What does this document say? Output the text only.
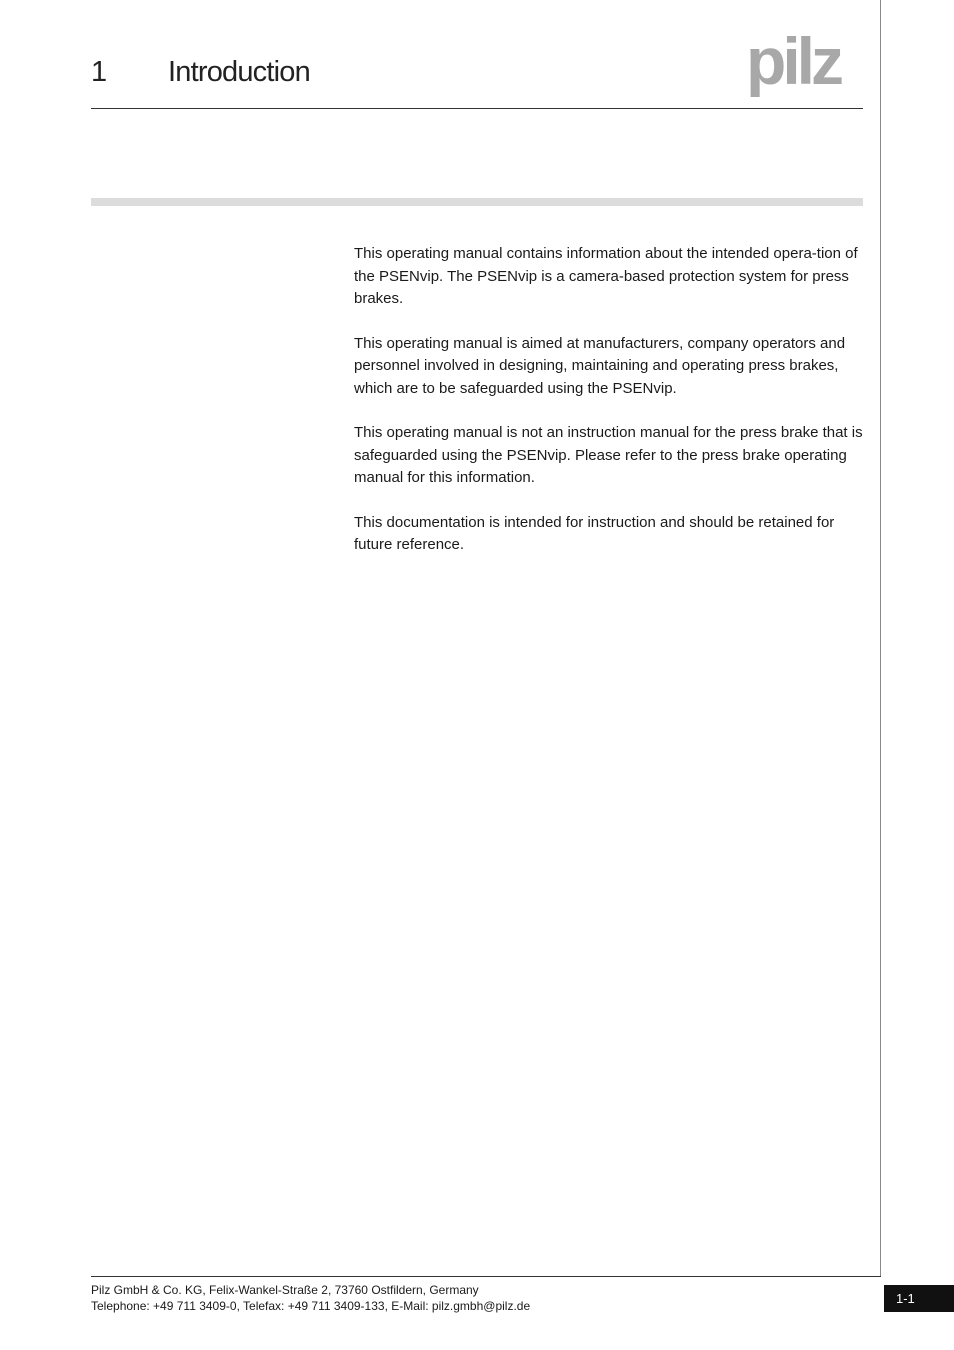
1 Introduction	pilz

This operating manual contains information about the intended opera-tion of the PSENvip. The PSENvip is a camera-based protection system for press brakes.

This operating manual is aimed at manufacturers, company operators and personnel involved in designing, maintaining and operating press brakes, which are to be safeguarded using the PSENvip.

This operating manual is not an instruction manual for the press brake that is safeguarded using the PSENvip. Please refer to the press brake operating manual for this information.

This documentation is intended for instruction and should be retained for future reference.

Pilz GmbH & Co. KG, Felix-Wankel-Straße 2, 73760 Ostfildern, Germany
Telephone: +49 711 3409-0, Telefax: +49 711 3409-133, E-Mail: pilz.gmbh@pilz.de	1-1
